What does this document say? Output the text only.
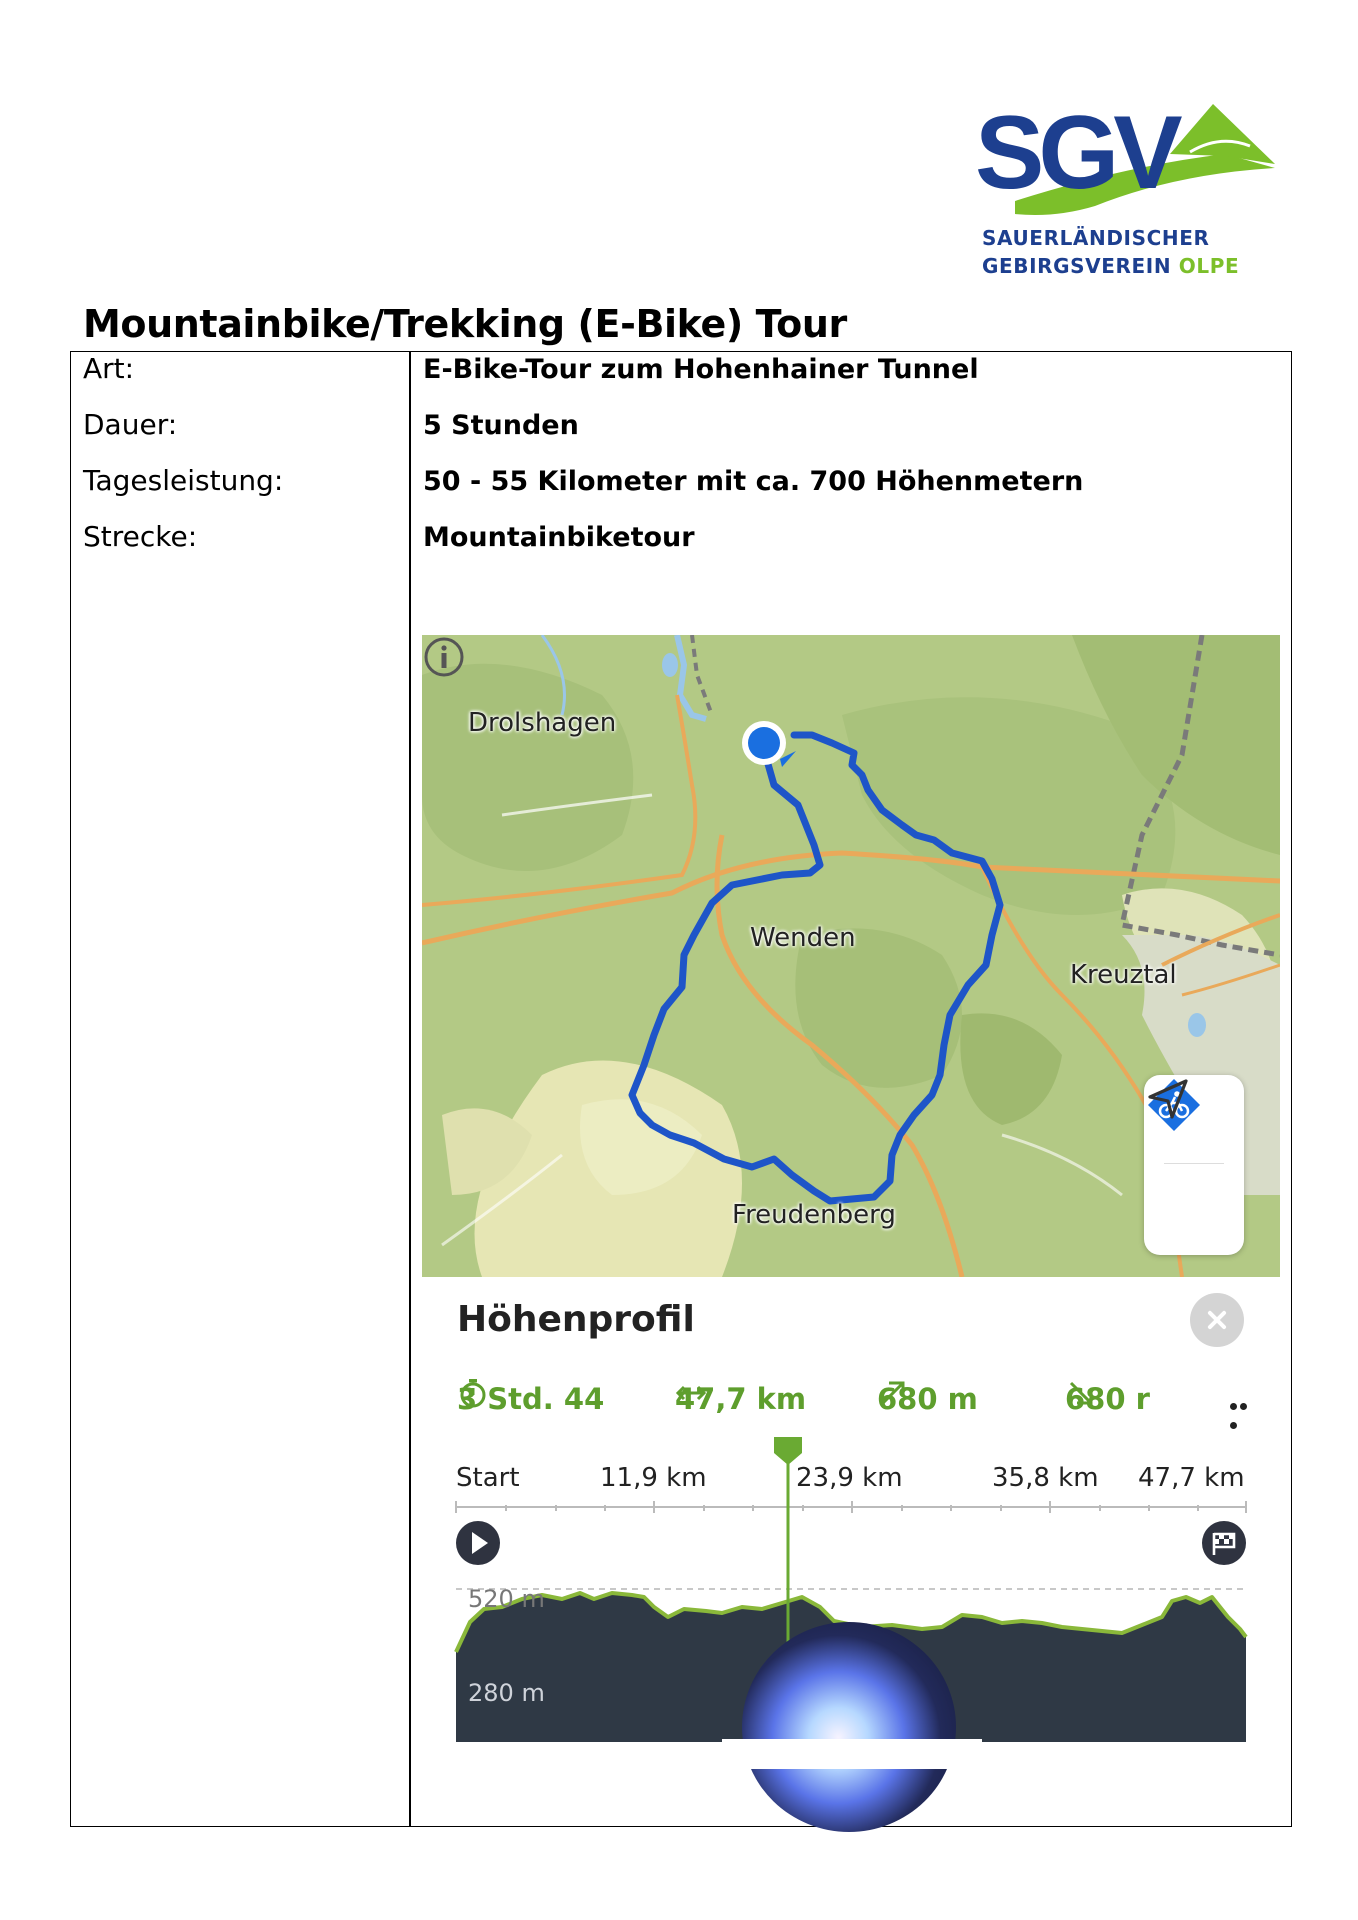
SGV
SAUERLÄNDISCHER
GEBIRGSVEREIN OLPE
Mountainbike/Trekking (E-Bike) Tour
Art:	E-Bike-Tour zum Hohenhainer Tunnel
Dauer:	5 Stunden
Tagesleistung:	50 - 55 Kilometer mit ca. 700 Höhenmetern
Strecke:	Mountainbiketour
Drolshagen
Wenden
Kreuztal
Freudenberg
Höhenprofil
3 Std. 44 47,7 km 680 m	680 r
Start	11,9 km	23,9 km	35,8 km 47,7 km
520 m
280 m
